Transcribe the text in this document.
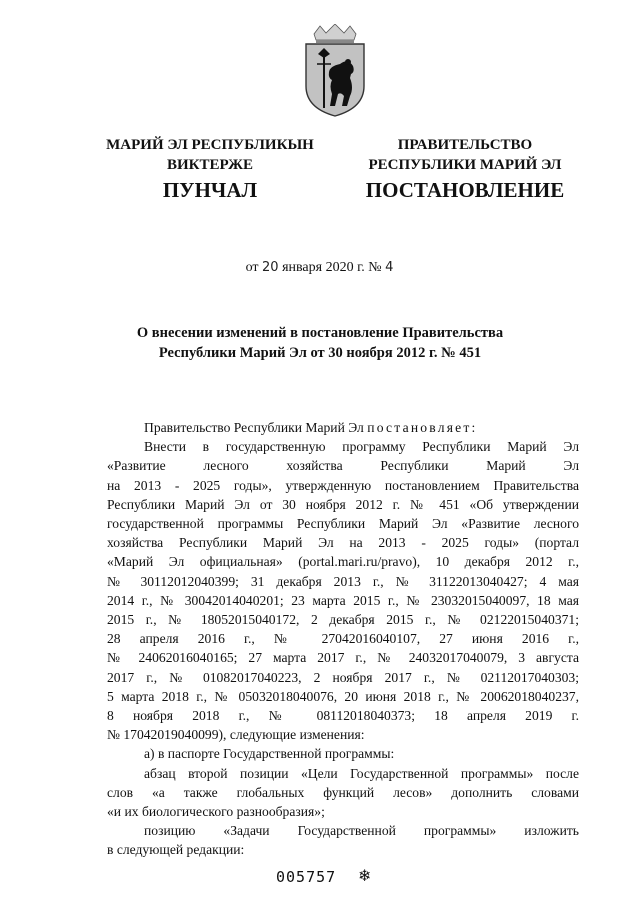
МАРИЙ ЭЛ РЕСПУБЛИКЫН
ВИКТЕРЖЕ
ПУНЧАЛ
ПРАВИТЕЛЬСТВО
РЕСПУБЛИКИ МАРИЙ ЭЛ
ПОСТАНОВЛЕНИЕ
от 20 января 2020 г. № 4
О внесении изменений в постановление Правительства
Республики Марий Эл от 30 ноября 2012 г. № 451

Правительство Республики Марий Эл постановляет:

Внести в государственную программу Республики Марий Эл

«Развитие лесного хозяйства Республики Марий Эл

на 2013 - 2025 годы», утвержденную постановлением Правительства

Республики Марий Эл от 30 ноября 2012 г. № 451 «Об утверждении

государственной программы Республики Марий Эл «Развитие лесного

хозяйства Республики Марий Эл на 2013 - 2025 годы» (портал

«Марий Эл официальная» (portal.mari.ru/pravo), 10 декабря 2012 г.,

№ 30112012040399; 31 декабря 2013 г., № 31122013040427; 4 мая

2014 г., № 30042014040201; 23 марта 2015 г., № 23032015040097, 18 мая

2015 г., № 18052015040172, 2 декабря 2015 г., № 02122015040371;

28 апреля 2016 г., № 27042016040107, 27 июня 2016 г.,

№ 24062016040165; 27 марта 2017 г., № 24032017040079, 3 августа

2017 г., № 01082017040223, 2 ноября 2017 г., № 02112017040303;

5 марта 2018 г., № 05032018040076, 20 июня 2018 г., № 20062018040237,

8 ноября 2018 г., № 08112018040373; 18 апреля 2019 г.

№ 17042019040099), следующие изменения:

а) в паспорте Государственной программы:

абзац второй позиции «Цели Государственной программы» после

слов «а также глобальных функций лесов» дополнить словами

«и их биологического разнообразия»;

позицию «Задачи Государственной программы» изложить

в следующей редакции:

005757 ❄
